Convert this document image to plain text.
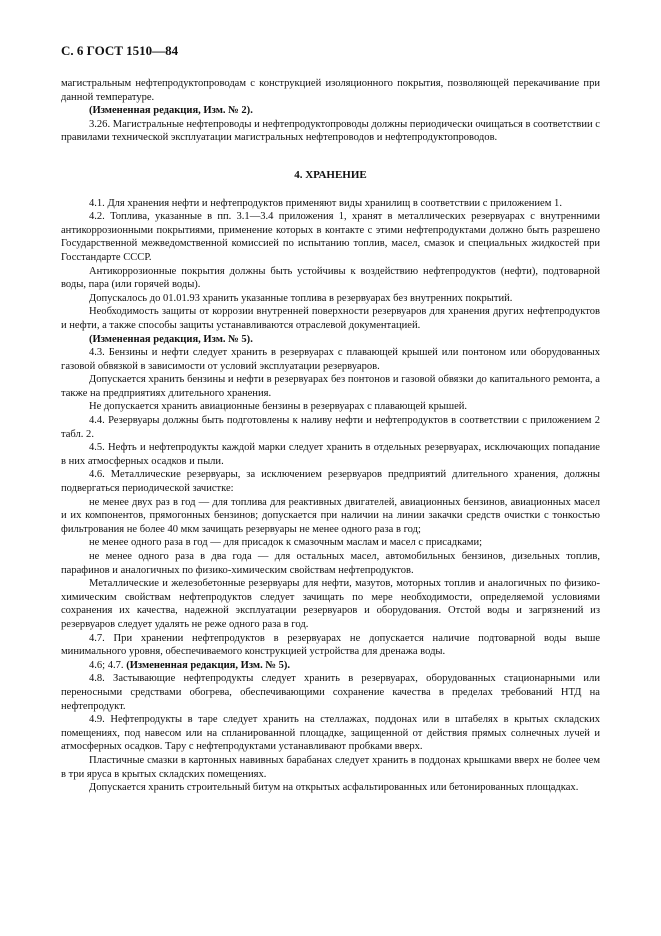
С. 6 ГОСТ 1510—84

магистральным нефтепродуктопроводам с конструкцией изоляционного покрытия, позволяющей перекачивание при данной температуре.

(Измененная редакция, Изм. № 2).

3.26. Магистральные нефтепроводы и нефтепродуктопроводы должны периодически очищаться в соответствии с правилами технической эксплуатации магистральных нефтепроводов и нефтепродуктопроводов.

4. ХРАНЕНИЕ

4.1. Для хранения нефти и нефтепродуктов применяют виды хранилищ в соответствии с приложением 1.

4.2. Топлива, указанные в пп. 3.1—3.4 приложения 1, хранят в металлических резервуарах с внутренними антикоррозионными покрытиями, применение которых в контакте с этими нефтепродуктами должно быть разрешено Государственной межведомственной комиссией по испытанию топлив, масел, смазок и специальных жидкостей при Госстандарте СССР.

Антикоррозионные покрытия должны быть устойчивы к воздействию нефтепродуктов (нефти), подтоварной воды, пара (или горячей воды).

Допускалось до 01.01.93 хранить указанные топлива в резервуарах без внутренних покрытий.

Необходимость защиты от коррозии внутренней поверхности резервуаров для хранения других нефтепродуктов и нефти, а также способы защиты устанавливаются отраслевой документацией.

(Измененная редакция, Изм. № 5).

4.3. Бензины и нефти следует хранить в резервуарах с плавающей крышей или понтоном или оборудованных газовой обвязкой в зависимости от условий эксплуатации резервуаров.

Допускается хранить бензины и нефти в резервуарах без понтонов и газовой обвязки до капитального ремонта, а также на предприятиях длительного хранения.

Не допускается хранить авиационные бензины в резервуарах с плавающей крышей.

4.4. Резервуары должны быть подготовлены к наливу нефти и нефтепродуктов в соответствии с приложением 2 табл. 2.

4.5. Нефть и нефтепродукты каждой марки следует хранить в отдельных резервуарах, исключающих попадание в них атмосферных осадков и пыли.

4.6. Металлические резервуары, за исключением резервуаров предприятий длительного хранения, должны подвергаться периодической зачистке:

не менее двух раз в год — для топлива для реактивных двигателей, авиационных бензинов, авиационных масел и их компонентов, прямогонных бензинов; допускается при наличии на линии закачки средств очистки с тонкостью фильтрования не более 40 мкм зачищать резервуары не менее одного раза в год;

не менее одного раза в год — для присадок к смазочным маслам и масел с присадками;

не менее одного раза в два года — для остальных масел, автомобильных бензинов, дизельных топлив, парафинов и аналогичных по физико-химическим свойствам нефтепродуктов.

Металлические и железобетонные резервуары для нефти, мазутов, моторных топлив и аналогичных по физико-химическим свойствам нефтепродуктов следует зачищать по мере необходимости, определяемой условиями сохранения их качества, надежной эксплуатации резервуаров и оборудования. Отстой воды и загрязнений из резервуаров следует удалять не реже одного раза в год.

4.7. При хранении нефтепродуктов в резервуарах не допускается наличие подтоварной воды выше минимального уровня, обеспечиваемого конструкцией устройства для дренажа воды.

4.6; 4.7. (Измененная редакция, Изм. № 5).

4.8. Застывающие нефтепродукты следует хранить в резервуарах, оборудованных стационарными или переносными средствами обогрева, обеспечивающими сохранение качества в пределах требований НТД на нефтепродукт.

4.9. Нефтепродукты в таре следует хранить на стеллажах, поддонах или в штабелях в крытых складских помещениях, под навесом или на спланированной площадке, защищенной от действия прямых солнечных лучей и атмосферных осадков. Тару с нефтепродуктами устанавливают пробками вверх.

Пластичные смазки в картонных навивных барабанах следует хранить в поддонах крышками вверх не более чем в три яруса в крытых складских помещениях.

Допускается хранить строительный битум на открытых асфальтированных или бетонированных площадках.
